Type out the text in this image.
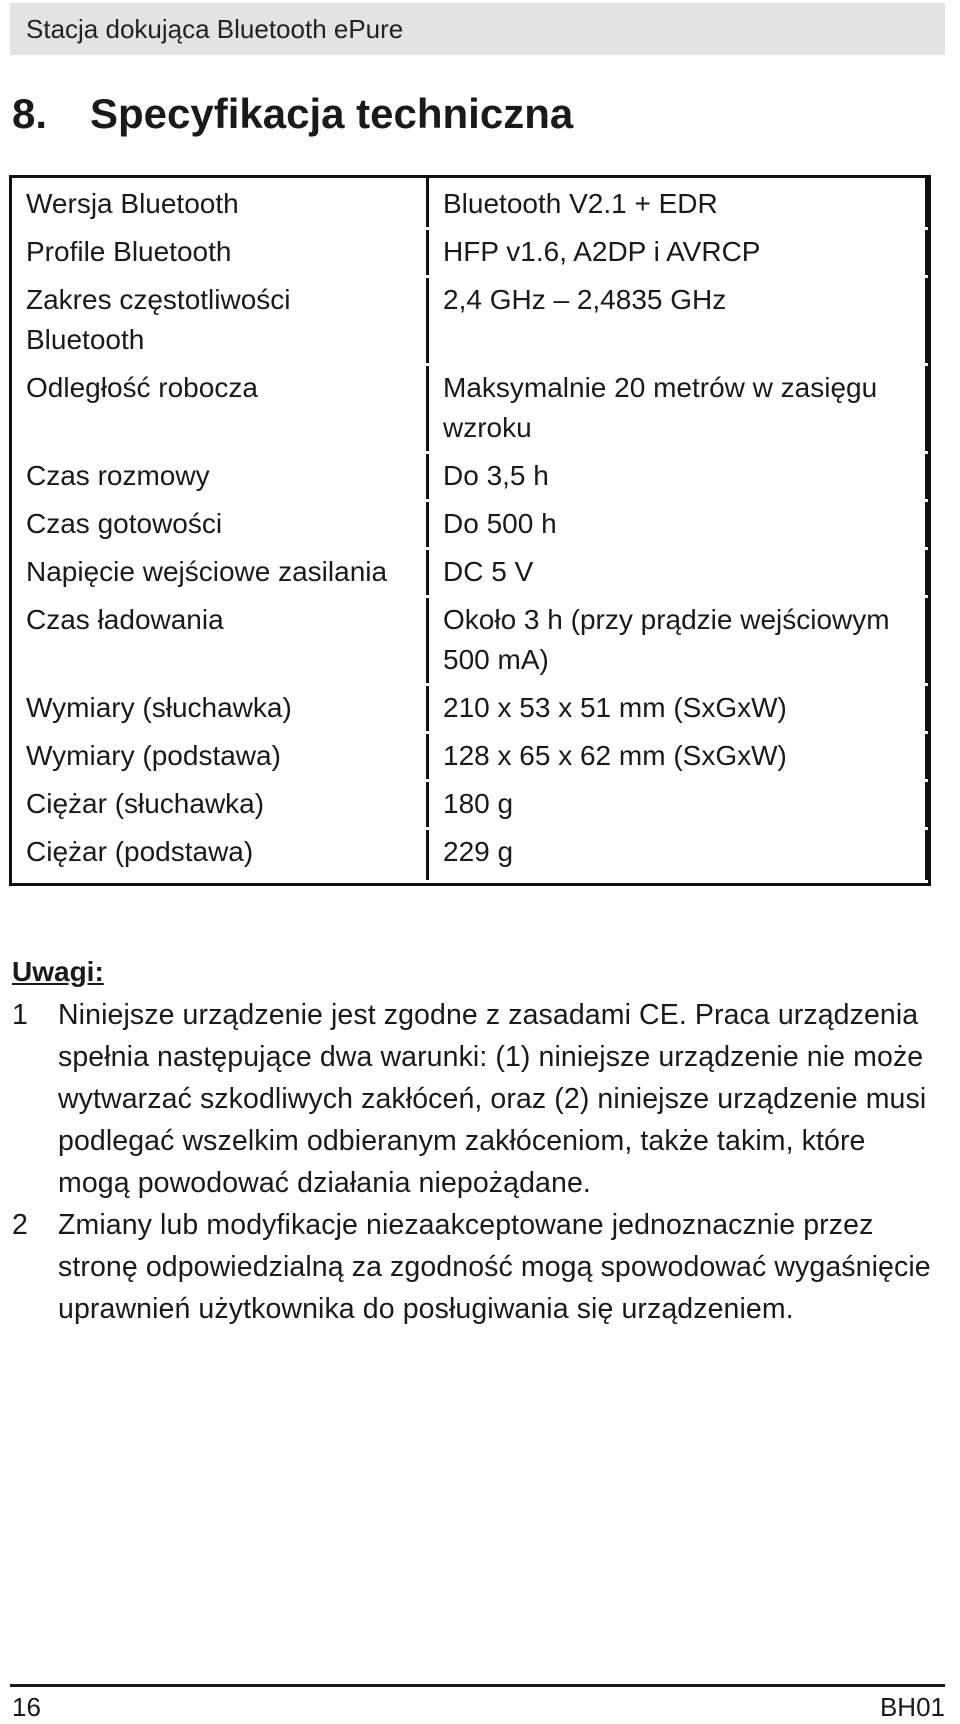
Stacja dokująca Bluetooth ePure
8. Specyfikacja techniczna
Wersja Bluetooth	Bluetooth V2.1 + EDR
Profile Bluetooth	HFP v1.6, A2DP i AVRCP
Zakres częstotliwości Bluetooth	2,4 GHz – 2,4835 GHz
Odległość robocza	Maksymalnie 20 metrów w zasięgu wzroku
Czas rozmowy	Do 3,5 h
Czas gotowości	Do 500 h
Napięcie wejściowe zasilania	DC 5 V
Czas ładowania	Około 3 h (przy prądzie wejściowym 500 mA)
Wymiary (słuchawka)	210 x 53 x 51 mm (SxGxW)
Wymiary (podstawa)	128 x 65 x 62 mm (SxGxW)
Ciężar (słuchawka)	180 g
Ciężar (podstawa)	229 g
Uwagi:
1	Niniejsze urządzenie jest zgodne z zasadami CE. Praca urządzenia spełnia następujące dwa warunki: (1) niniejsze urządzenie nie może wytwarzać szkodliwych zakłóceń, oraz (2) niniejsze urządzenie musi podlegać wszelkim odbieranym zakłóceniom, także takim, które mogą powodować działania niepożądane.
2	Zmiany lub modyfikacje niezaakceptowane jednoznacznie przez stronę odpowiedzialną za zgodność mogą spowodować wygaśnięcie uprawnień użytkownika do posługiwania się urządzeniem.
16	BH01
